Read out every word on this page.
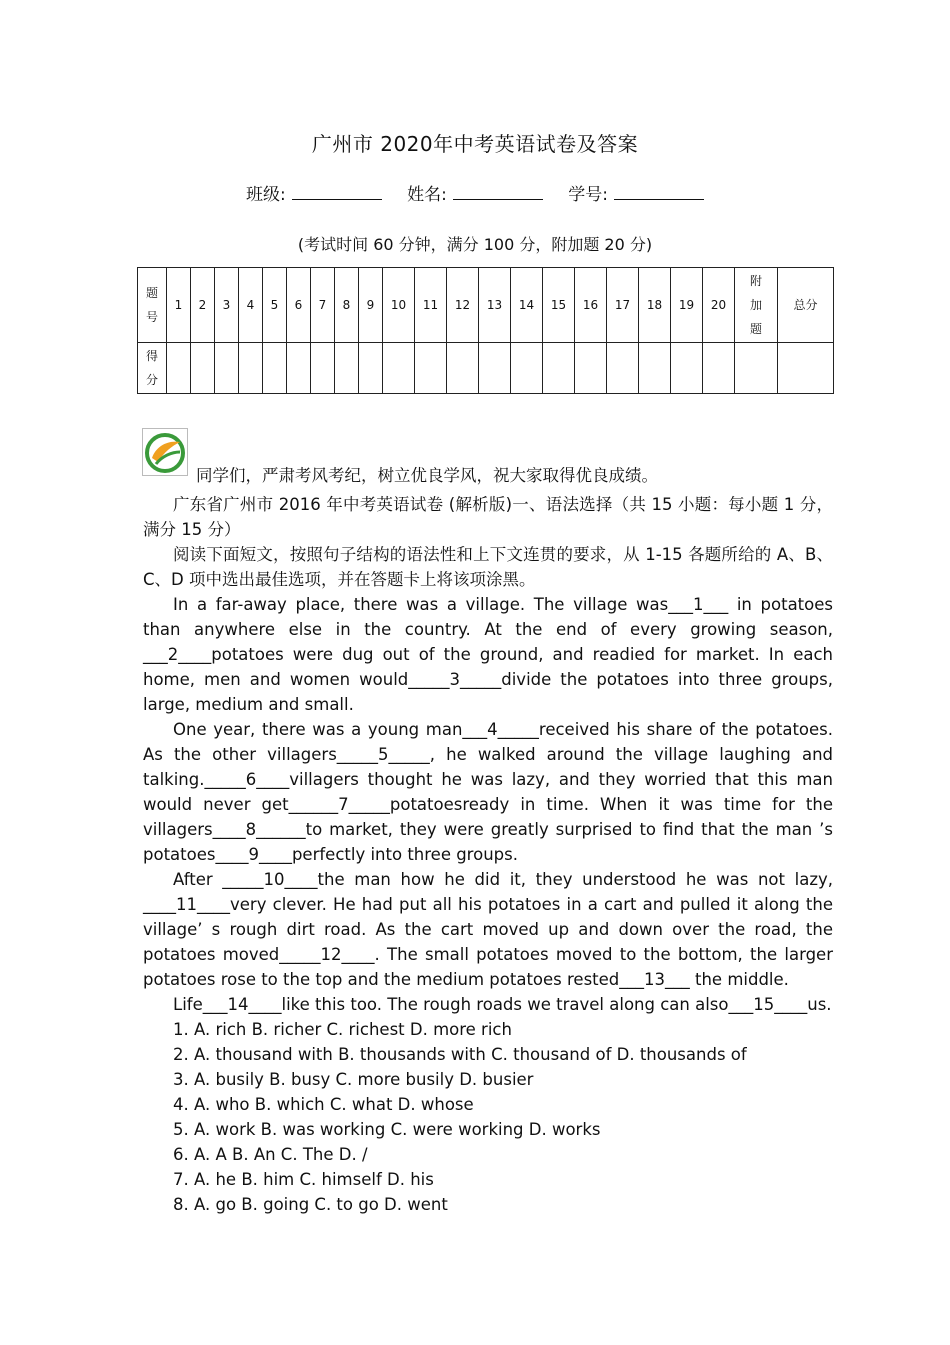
广州市 2020年中考英语试卷及答案
班级:	姓名:	学号:
(考试时间 60 分钟，满分 100 分，附加题 20 分)
题号	1	2	3	4	5	6	7	8	9	10	11	12	13	14	15	16	17	18	19	20	附加题	总分
得分																						
同学们，严肃考风考纪，树立优良学风，祝大家取得优良成绩。

广东省广州市 2016 年中考英语试卷 (解析版)一、语法选择（共 15 小题：每小题 1 分，满分 15 分）

阅读下面短文，按照句子结构的语法性和上下文连贯的要求，从 1-15 各题所给的 A、B、C、D 项中选出最佳选项，并在答题卡上将该项涂黑。

In a far-away place, there was a village. The village was___1___ in potatoes than anywhere else in the country. At the end of every growing season, ___2____potatoes were dug out of the ground, and readied for market. In each home, men and women would_____3_____divide the potatoes into three groups, large, medium and small.

One year, there was a young man___4_____received his share of the potatoes. As the other villagers_____5_____, he walked around the village laughing and talking._____6____villagers thought he was lazy, and they worried that this man would never get______7_____potatoesready in time. When it was time for the villagers____8______to market, they were greatly surprised to find that the man ’s potatoes____9____perfectly into three groups.

After _____10____the man how he did it, they understood he was not lazy, ____11____very clever. He had put all his potatoes in a cart and pulled it along the village’ s rough dirt road. As the cart moved up and down over the road, the potatoes moved_____12____. The small potatoes moved to the bottom, the larger potatoes rose to the top and the medium potatoes rested___13___ the middle.

Life___14____like this too. The rough roads we travel along can also___15____us.

1. A. rich B. richer C. richest D. more rich

2. A. thousand with B. thousands with C. thousand of D. thousands of

3. A. busily B. busy C. more busily D. busier

4. A. who B. which C. what D. whose

5. A. work B. was working C. were working D. works

6. A. A B. An C. The D. /

7. A. he B. him C. himself D. his

8. A. go B. going C. to go D. went
